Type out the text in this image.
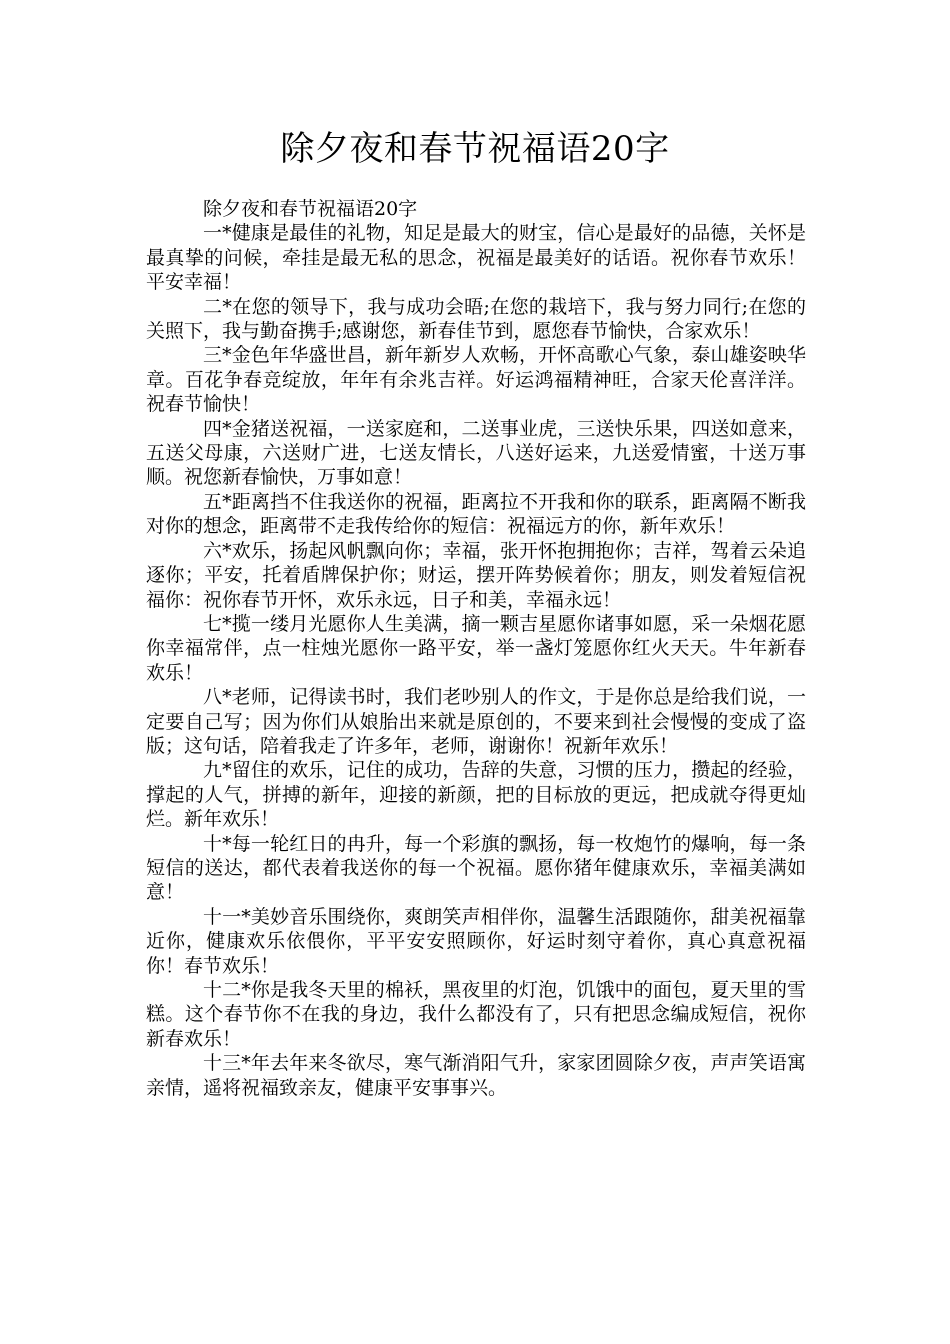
除夕夜和春节祝福语20字

除夕夜和春节祝福语20字

一*健康是最佳的礼物，知足是最大的财宝，信心是最好的品德，关怀是最真挚的问候，牵挂是最无私的思念，祝福是最美好的话语。祝你春节欢乐！平安幸福！

二*在您的领导下，我与成功会晤;在您的栽培下，我与努力同行;在您的关照下，我与勤奋携手;感谢您，新春佳节到，愿您春节愉快，合家欢乐！

三*金色年华盛世昌，新年新岁人欢畅，开怀高歌心气象，泰山雄姿映华章。百花争春竞绽放，年年有余兆吉祥。好运鸿福精神旺，合家天伦喜洋洋。祝春节愉快！

四*金猪送祝福，一送家庭和，二送事业虎，三送快乐果，四送如意来，五送父母康，六送财广进，七送友情长，八送好运来，九送爱情蜜，十送万事顺。祝您新春愉快，万事如意！

五*距离挡不住我送你的祝福，距离拉不开我和你的联系，距离隔不断我对你的想念，距离带不走我传给你的短信：祝福远方的你，新年欢乐！

六*欢乐，扬起风帆飘向你；幸福，张开怀抱拥抱你；吉祥，驾着云朵追逐你；平安，托着盾牌保护你；财运，摆开阵势候着你；朋友，则发着短信祝福你：祝你春节开怀，欢乐永远，日子和美，幸福永远！

七*揽一缕月光愿你人生美满，摘一颗吉星愿你诸事如愿，采一朵烟花愿你幸福常伴，点一柱烛光愿你一路平安，举一盏灯笼愿你红火天天。牛年新春欢乐！

八*老师，记得读书时，我们老吵别人的作文，于是你总是给我们说，一定要自己写；因为你们从娘胎出来就是原创的，不要来到社会慢慢的变成了盗版；这句话，陪着我走了许多年，老师，谢谢你！祝新年欢乐！

九*留住的欢乐，记住的成功，告辞的失意，习惯的压力，攒起的经验，撑起的人气，拼搏的新年，迎接的新颜，把的目标放的更远，把成就夺得更灿烂。新年欢乐！

十*每一轮红日的冉升，每一个彩旗的飘扬，每一枚炮竹的爆响，每一条短信的送达，都代表着我送你的每一个祝福。愿你猪年健康欢乐，幸福美满如意！

十一*美妙音乐围绕你，爽朗笑声相伴你，温馨生活跟随你，甜美祝福靠近你，健康欢乐依偎你，平平安安照顾你，好运时刻守着你，真心真意祝福你！春节欢乐！

十二*你是我冬天里的棉袄，黑夜里的灯泡，饥饿中的面包，夏天里的雪糕。这个春节你不在我的身边，我什么都没有了，只有把思念编成短信，祝你新春欢乐！

十三*年去年来冬欲尽，寒气渐消阳气升，家家团圆除夕夜，声声笑语寓亲情，遥将祝福致亲友，健康平安事事兴。
